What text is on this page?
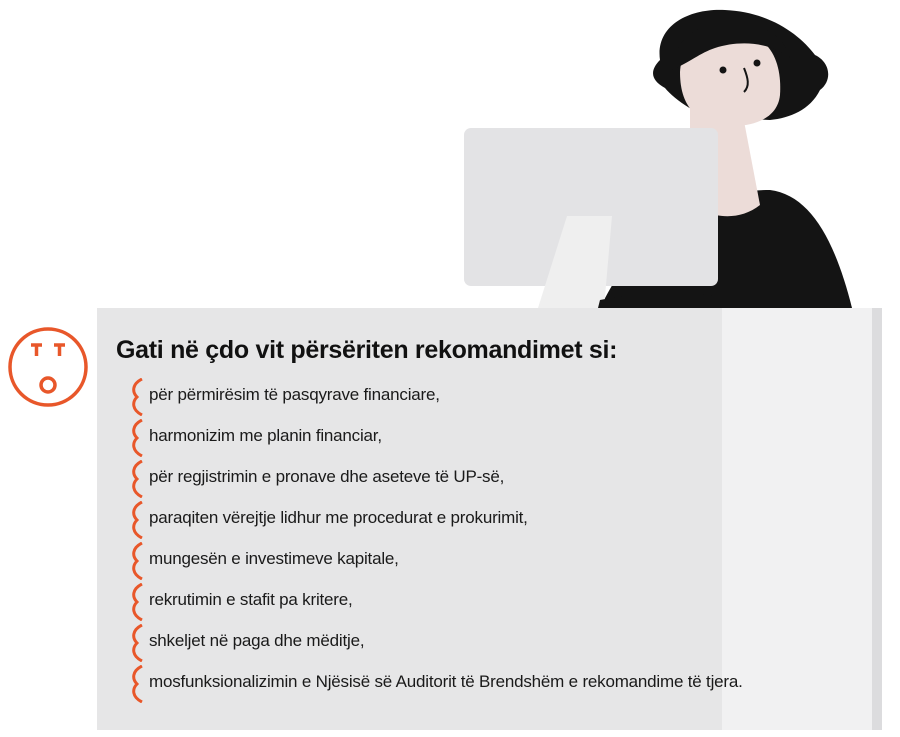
Gati në çdo vit përsëriten rekomandimet si:
për përmirësim të pasqyrave financiare,
harmonizim me planin financiar,
për regjistrimin e pronave dhe aseteve të UP-së,
paraqiten vërejtje lidhur me procedurat e prokurimit,
mungesën e investimeve kapitale,
rekrutimin e stafit pa kritere,
shkeljet në paga dhe mëditje,
mosfunksionalizimin e Njësisë së Auditorit të Brendshëm e rekomandime të tjera.
